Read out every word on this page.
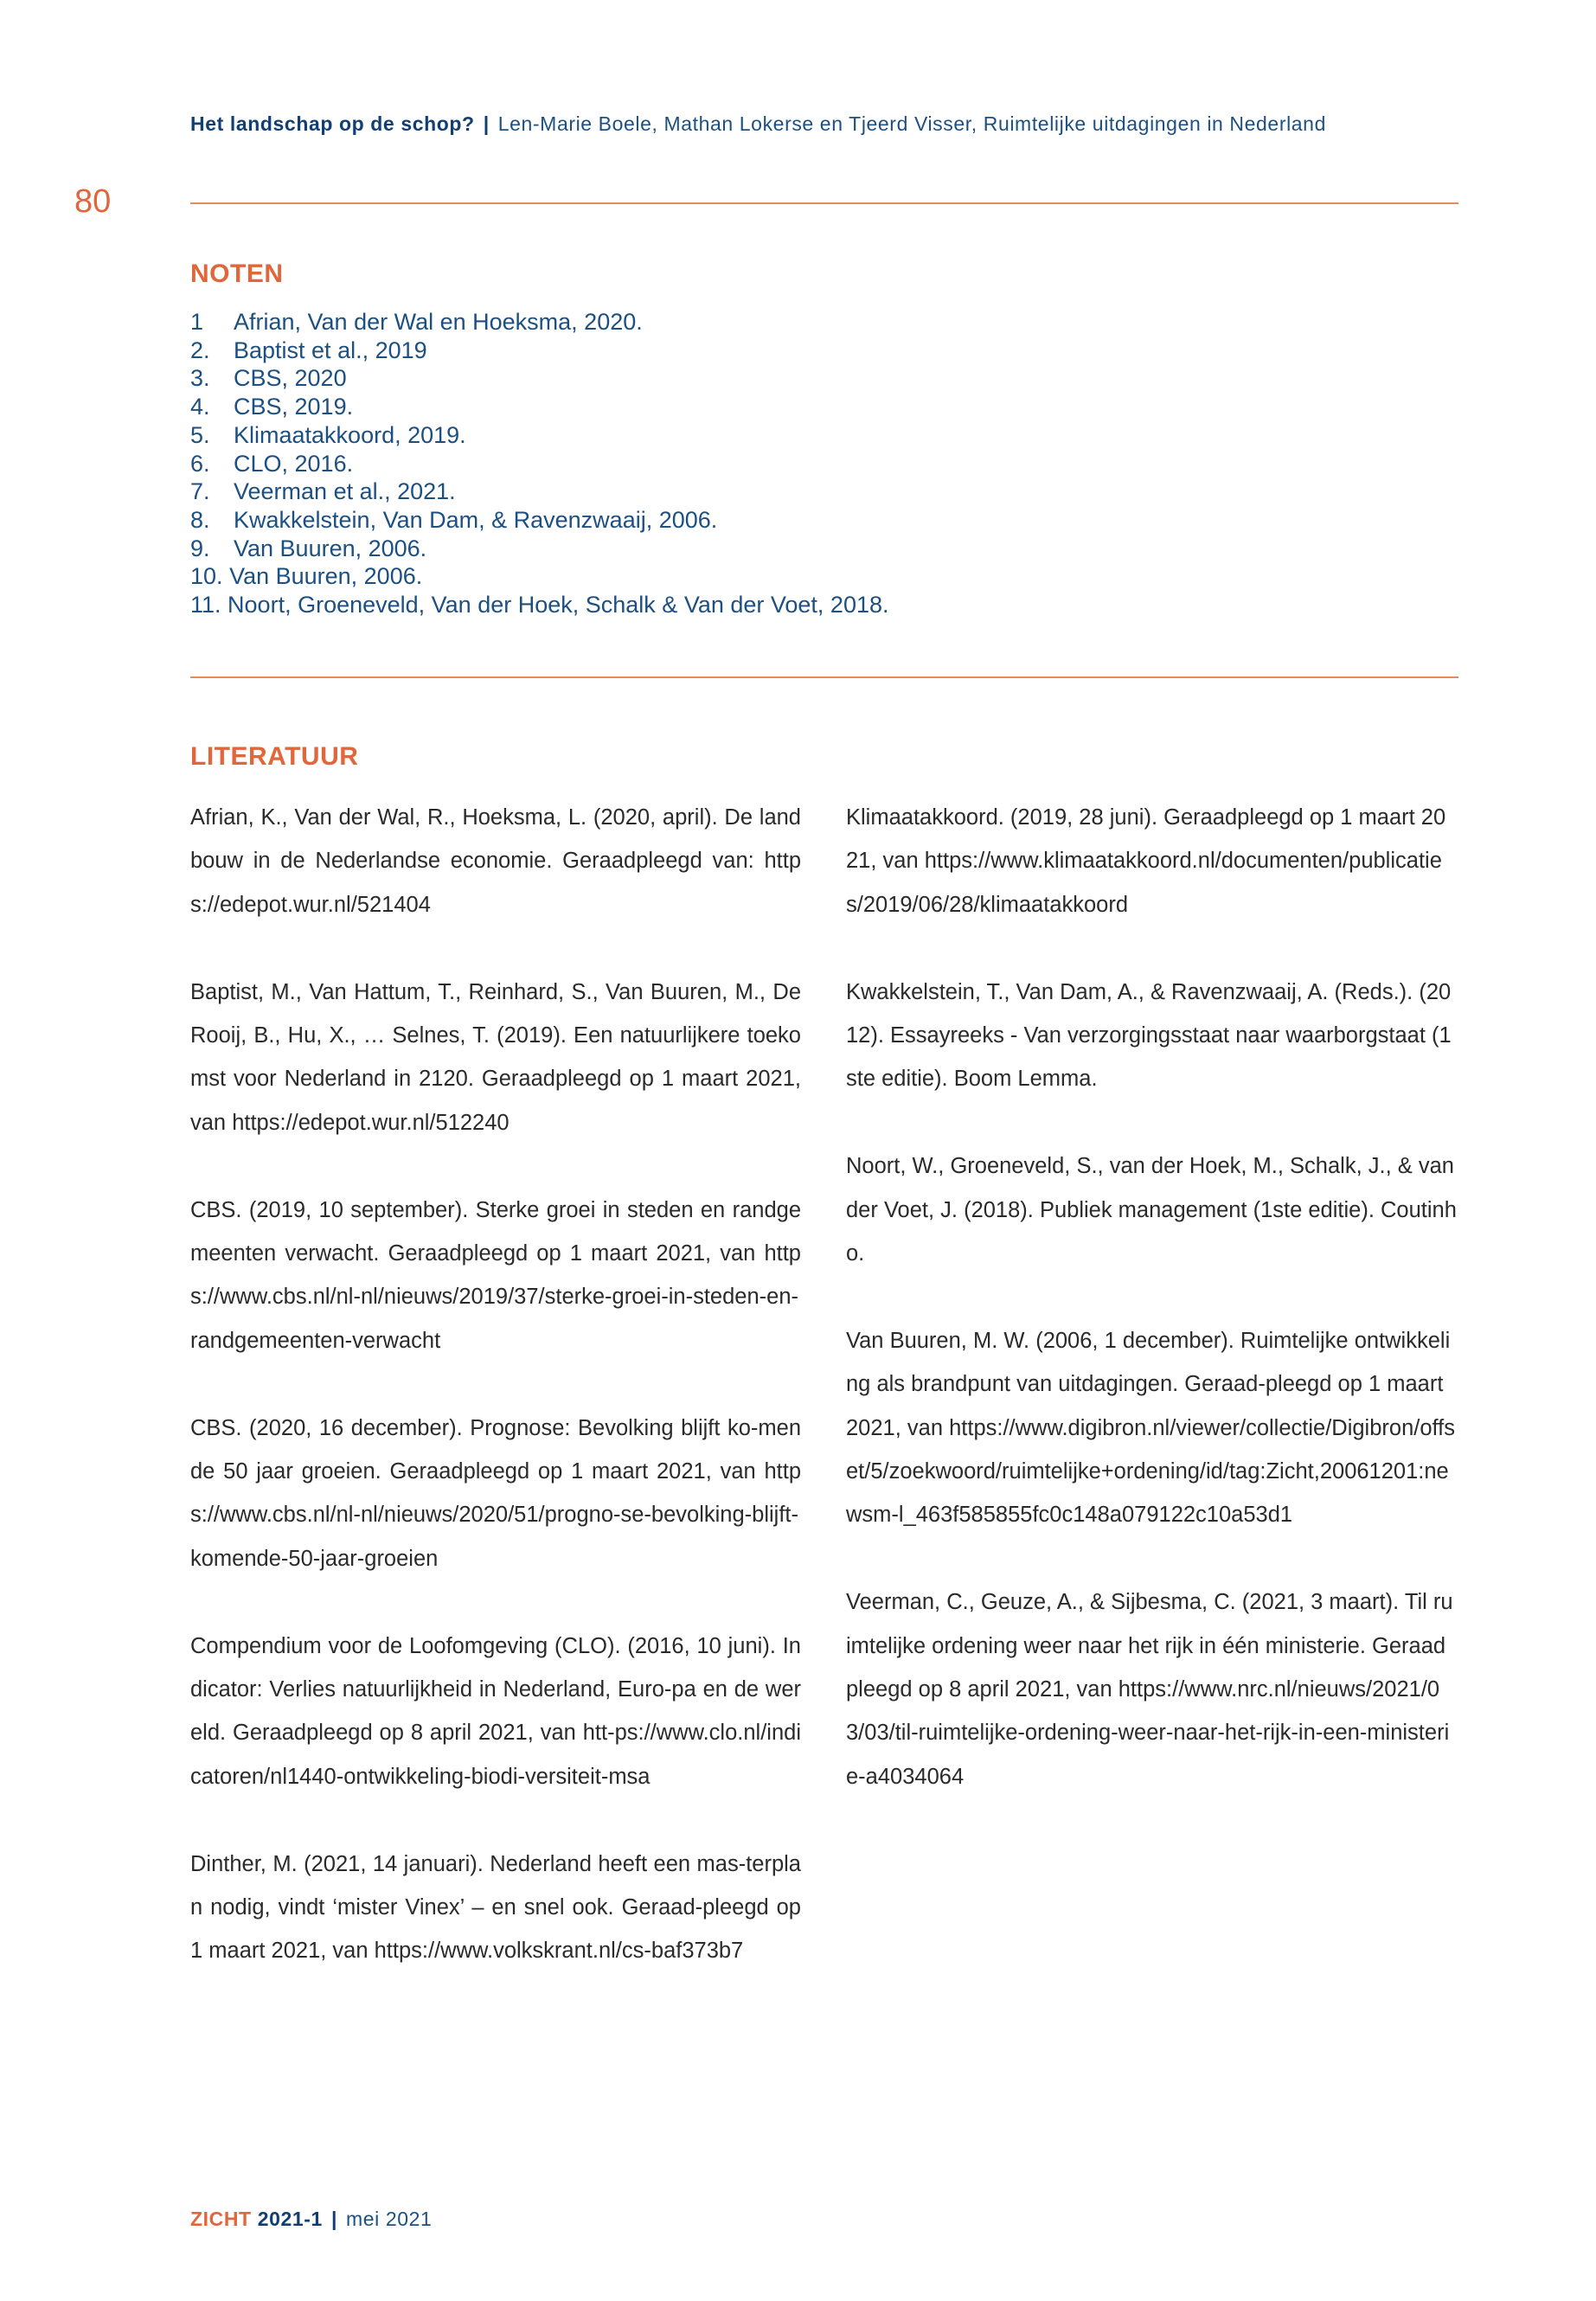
Het landschap op de schop? | Len-Marie Boele, Mathan Lokerse en Tjeerd Visser, Ruimtelijke uitdagingen in Nederland
80
NOTEN
1 Afrian, Van der Wal en Hoeksma, 2020.
2. Baptist et al., 2019
3. CBS, 2020
4. CBS, 2019.
5. Klimaatakkoord, 2019.
6. CLO, 2016.
7. Veerman et al., 2021.
8. Kwakkelstein, Van Dam, & Ravenzwaaij, 2006.
9. Van Buuren, 2006.
10. Van Buuren, 2006.
11. Noort, Groeneveld, Van der Hoek, Schalk & Van der Voet, 2018.
LITERATUUR

Afrian, K., Van der Wal, R., Hoeksma, L. (2020, april). De landbouw in de Nederlandse economie. Geraadpleegd van: https://edepot.wur.nl/521404

Baptist, M., Van Hattum, T., Reinhard, S., Van Buuren, M., De Rooij, B., Hu, X., … Selnes, T. (2019). Een natuurlijkere toekomst voor Nederland in 2120. Geraadpleegd op 1 maart 2021, van https://edepot.wur.nl/512240

CBS. (2019, 10 september). Sterke groei in steden en randgemeenten verwacht. Geraadpleegd op 1 maart 2021, van https://www.cbs.nl/nl-nl/nieuws/2019/37/sterke-groei-in-steden-en-randgemeenten-verwacht

CBS. (2020, 16 december). Prognose: Bevolking blijft ko-mende 50 jaar groeien. Geraadpleegd op 1 maart 2021, van https://www.cbs.nl/nl-nl/nieuws/2020/51/progno-se-bevolking-blijft-komende-50-jaar-groeien

Compendium voor de Loofomgeving (CLO). (2016, 10 juni). Indicator: Verlies natuurlijkheid in Nederland, Euro-pa en de wereld. Geraadpleegd op 8 april 2021, van htt-ps://www.clo.nl/indicatoren/nl1440-ontwikkeling-biodi-versiteit-msa

Dinther, M. (2021, 14 januari). Nederland heeft een mas-terplan nodig, vindt ‘mister Vinex’ – en snel ook. Geraad-pleegd op 1 maart 2021, van https://www.volkskrant.nl/cs-baf373b7

Klimaatakkoord. (2019, 28 juni). Geraadpleegd op 1 maart 2021, van https://www.klimaatakkoord.nl/documenten/publicaties/2019/06/28/klimaatakkoord

Kwakkelstein, T., Van Dam, A., & Ravenzwaaij, A. (Reds.). (2012). Essayreeks - Van verzorgingsstaat naar waarborgstaat (1ste editie). Boom Lemma.

Noort, W., Groeneveld, S., van der Hoek, M., Schalk, J., & van der Voet, J. (2018). Publiek management (1ste editie). Coutinho.

Van Buuren, M. W. (2006, 1 december). Ruimtelijke ontwikkeling als brandpunt van uitdagingen. Geraad-pleegd op 1 maart 2021, van https://www.digibron.nl/viewer/collectie/Digibron/offset/5/zoekwoord/ruimtelijke+ordening/id/tag:Zicht,20061201:newsm-l_463f585855fc0c148a079122c10a53d1

Veerman, C., Geuze, A., & Sijbesma, C. (2021, 3 maart). Til ruimtelijke ordening weer naar het rijk in één ministerie. Geraadpleegd op 8 april 2021, van https://www.nrc.nl/nieuws/2021/03/03/til-ruimtelijke-ordening-weer-naar-het-rijk-in-een-ministerie-a4034064

ZICHT 2021-1 | mei 2021
